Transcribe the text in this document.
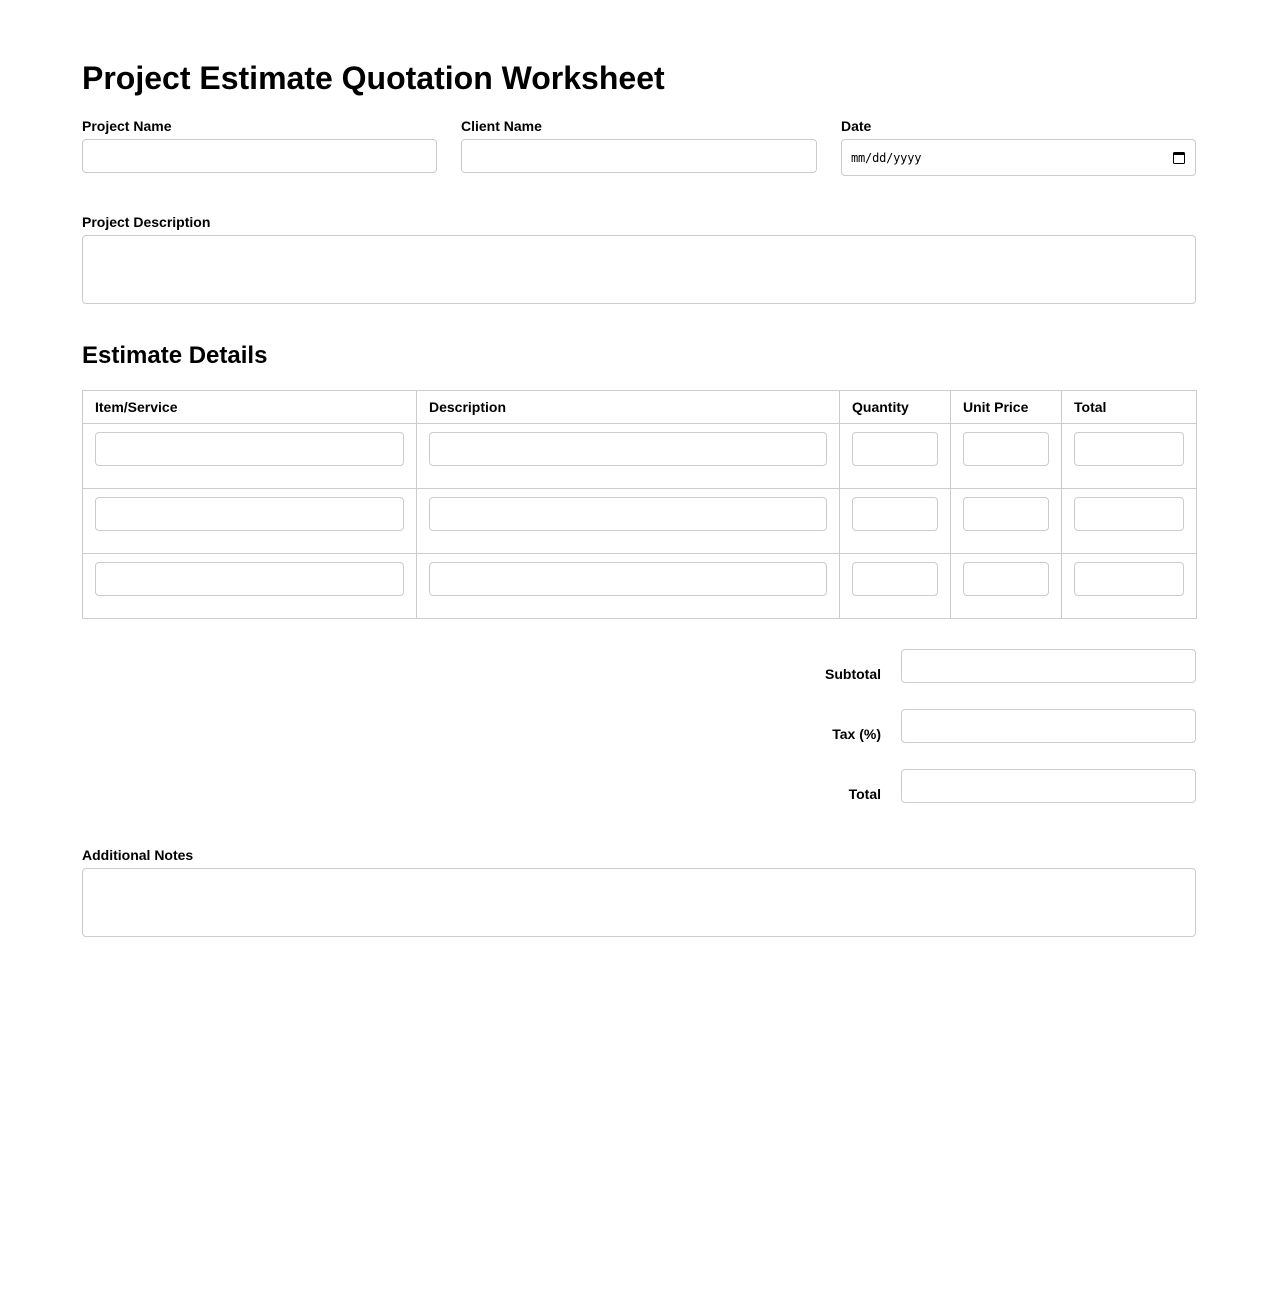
Project Estimate Quotation Worksheet
Project Name	Client Name	Date
mm/dd/yyyy
Project Description
Estimate Details
Item/Service	Description	Quantity	Unit Price	Total

Subtotal
Tax (%)
Total
Additional Notes
